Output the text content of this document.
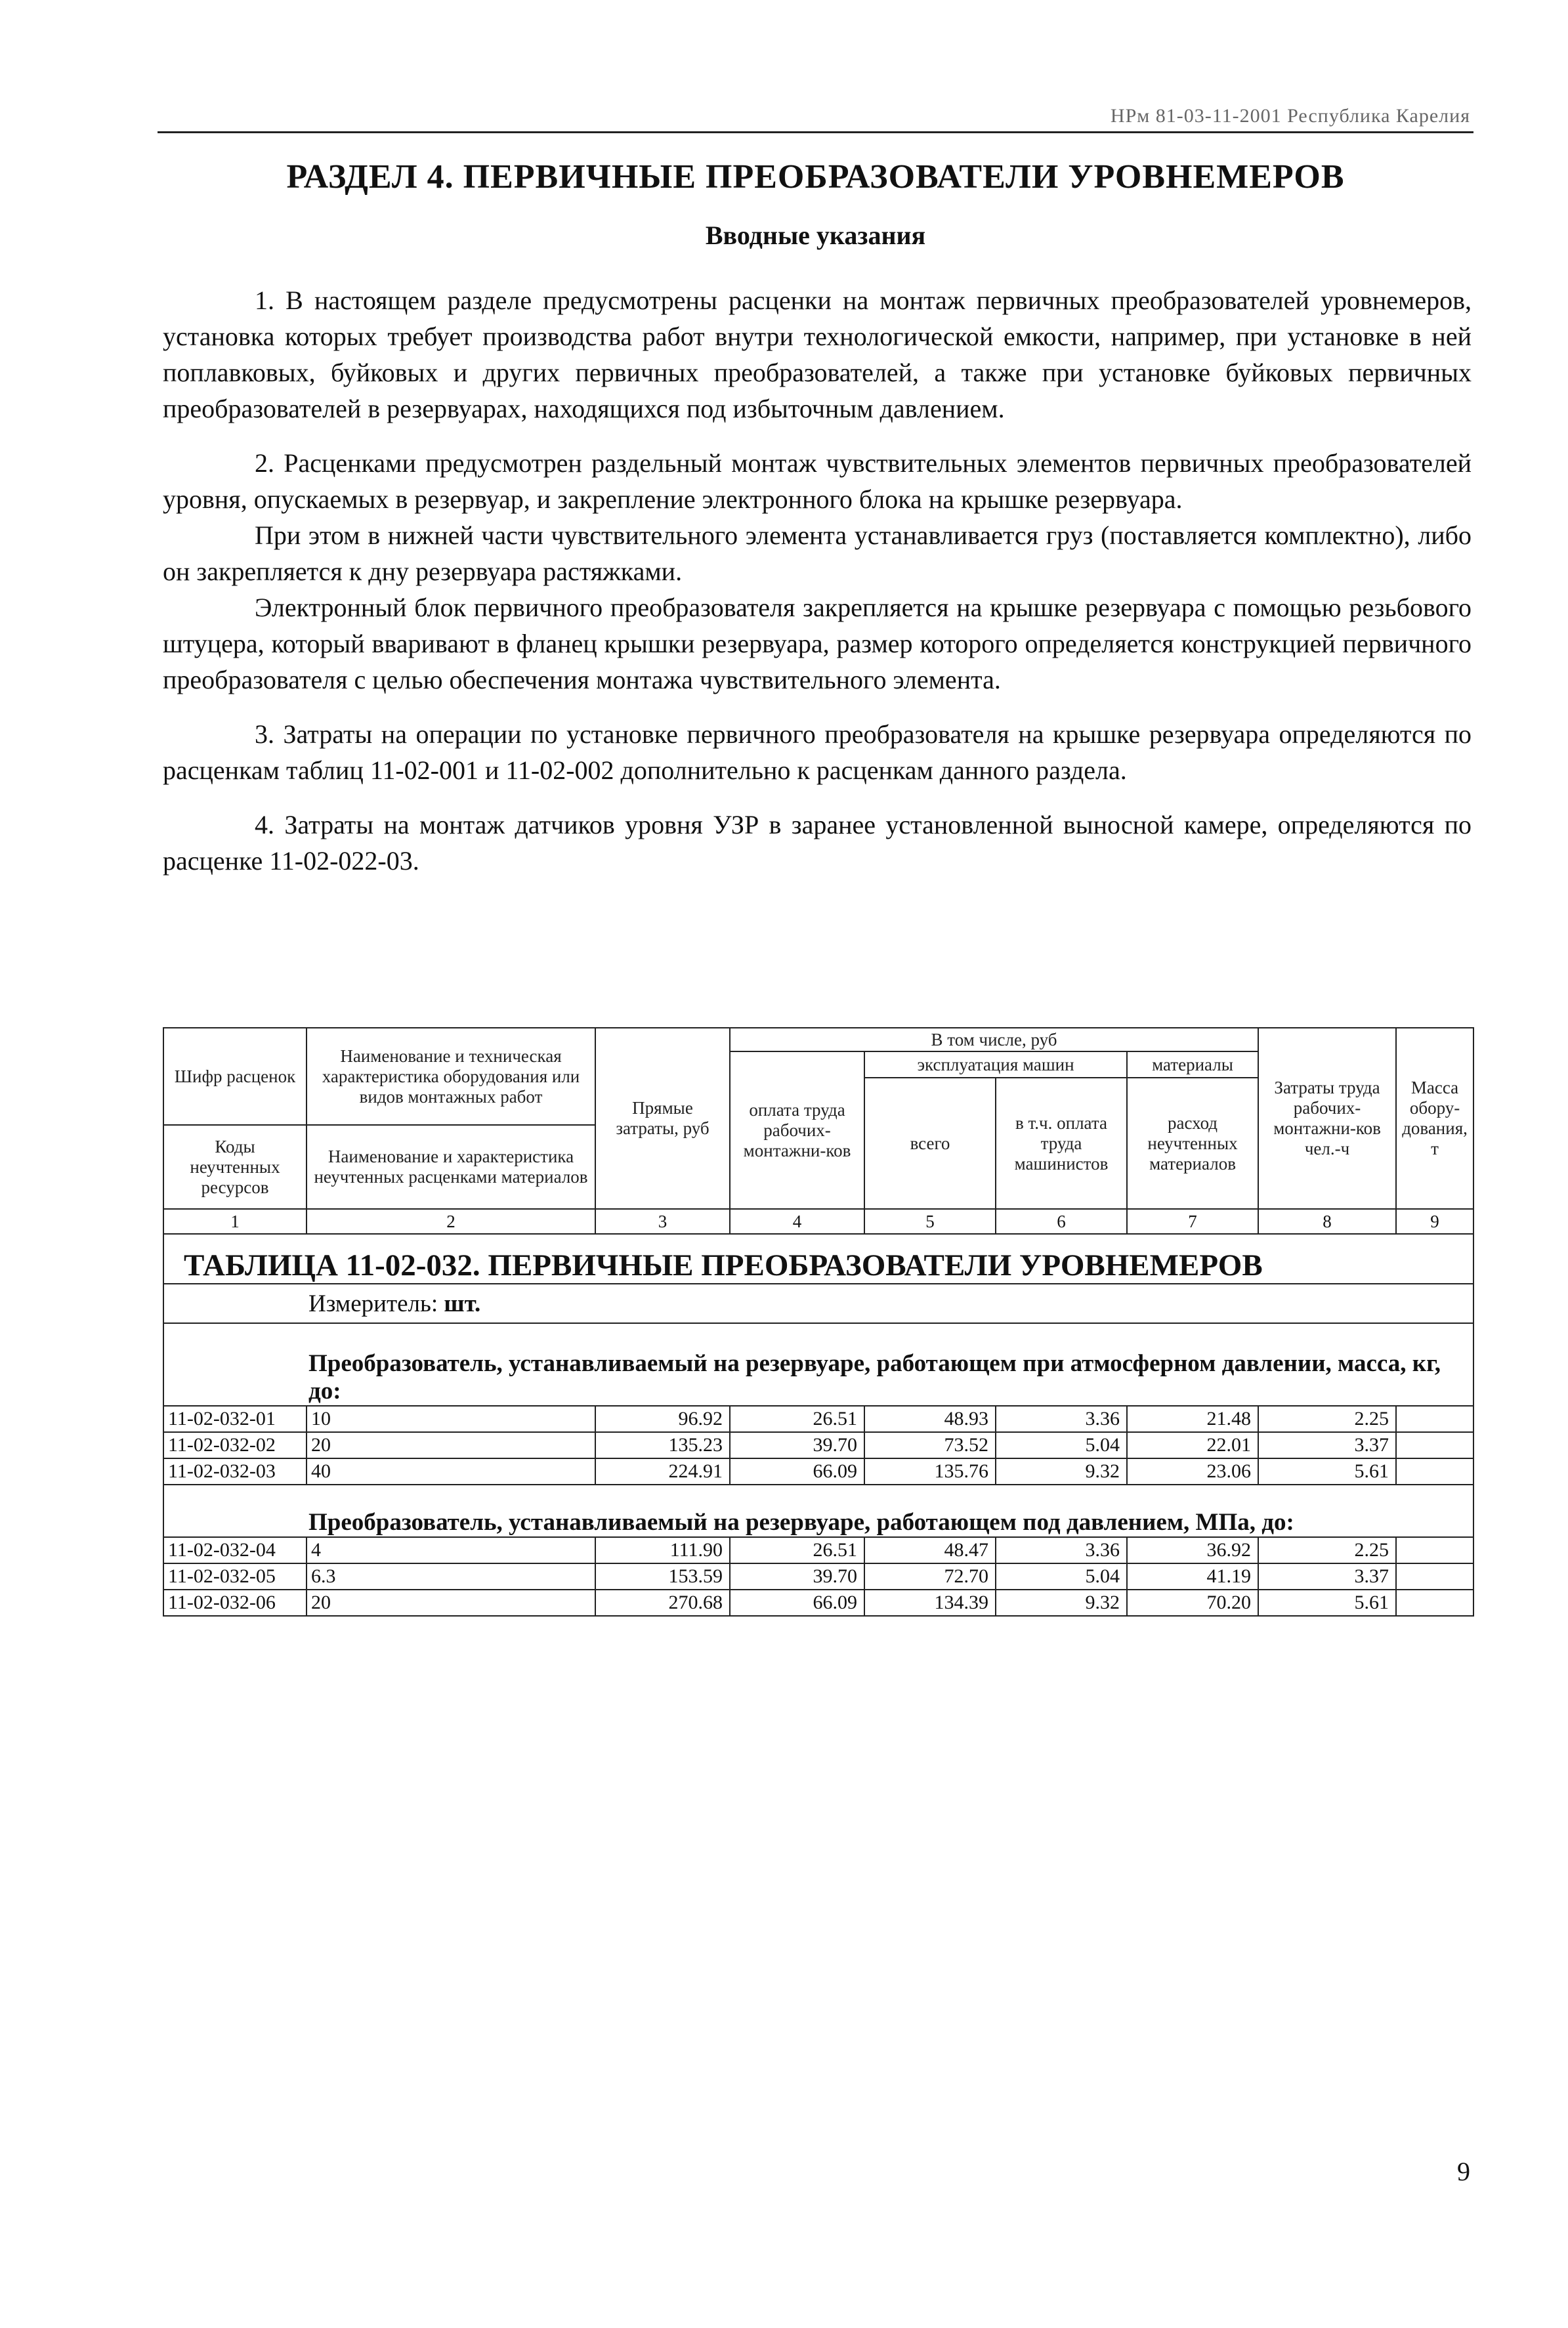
НРм 81-03-11-2001 Республика Карелия
РАЗДЕЛ 4. ПЕРВИЧНЫЕ ПРЕОБРАЗОВАТЕЛИ УРОВНЕМЕРОВ
Вводные указания

1. В настоящем разделе предусмотрены расценки на монтаж первичных преобразователей уровнемеров, установка которых требует производства работ внутри технологической емкости, например, при установке в ней поплавковых, буйковых и других первичных преобразователей, а также при установке буйковых первичных преобразователей в резервуарах, находящихся под избыточным давлением.

2. Расценками предусмотрен раздельный монтаж чувствительных элементов первичных преобразователей уровня, опускаемых в резервуар, и закрепление электронного блока на крышке резервуара.

При этом в нижней части чувствительного элемента устанавливается груз (поставляется комплектно), либо он закрепляется к дну резервуара растяжками.

Электронный блок первичного преобразователя закрепляется на крышке резервуара с помощью резьбового штуцера, который вваривают в фланец крышки резервуара, размер которого определяется конструкцией первичного преобразователя с целью обеспечения монтажа чувствительного элемента.

3. Затраты на операции по установке первичного преобразователя на крышке резервуара определяются по расценкам таблиц 11-02-001 и 11-02-002 дополнительно к расценкам данного раздела.

4. Затраты на монтаж датчиков уровня УЗР в заранее установленной выносной камере, определяются по расценке 11-02-022-03.

Шифр расценок	Наименование и техническая характеристика оборудования или видов монтажных работ	Прямые затраты, руб	В том числе, руб				Затраты труда рабочих-монтажни-ков чел.-ч	Масса обору-дования, т
			оплата труда рабочих-монтажни-ков	эксплуатация машин		материалы		
				всего	в т.ч. оплата труда машинистов	расход неучтенных материалов		
Коды неучтенных ресурсов	Наименование и характеристика неучтенных расценками материалов							

1	2	3	4	5	6	7	8	9
ТАБЛИЦА 11-02-032. ПЕРВИЧНЫЕ ПРЕОБРАЗОВАТЕЛИ УРОВНЕМЕРОВ								
Измеритель: шт.								
Преобразователь, устанавливаемый на резервуаре, работающем при атмосферном давлении, масса, кг, до:								
11-02-032-01	10	96.92	26.51	48.93	3.36	21.48	2.25	
11-02-032-02	20	135.23	39.70	73.52	5.04	22.01	3.37	
11-02-032-03	40	224.91	66.09	135.76	9.32	23.06	5.61	
Преобразователь, устанавливаемый на резервуаре, работающем под давлением, МПа, до:								
11-02-032-04	4	111.90	26.51	48.47	3.36	36.92	2.25	
11-02-032-05	6.3	153.59	39.70	72.70	5.04	41.19	3.37	
11-02-032-06	20	270.68	66.09	134.39	9.32	70.20	5.61	
9
